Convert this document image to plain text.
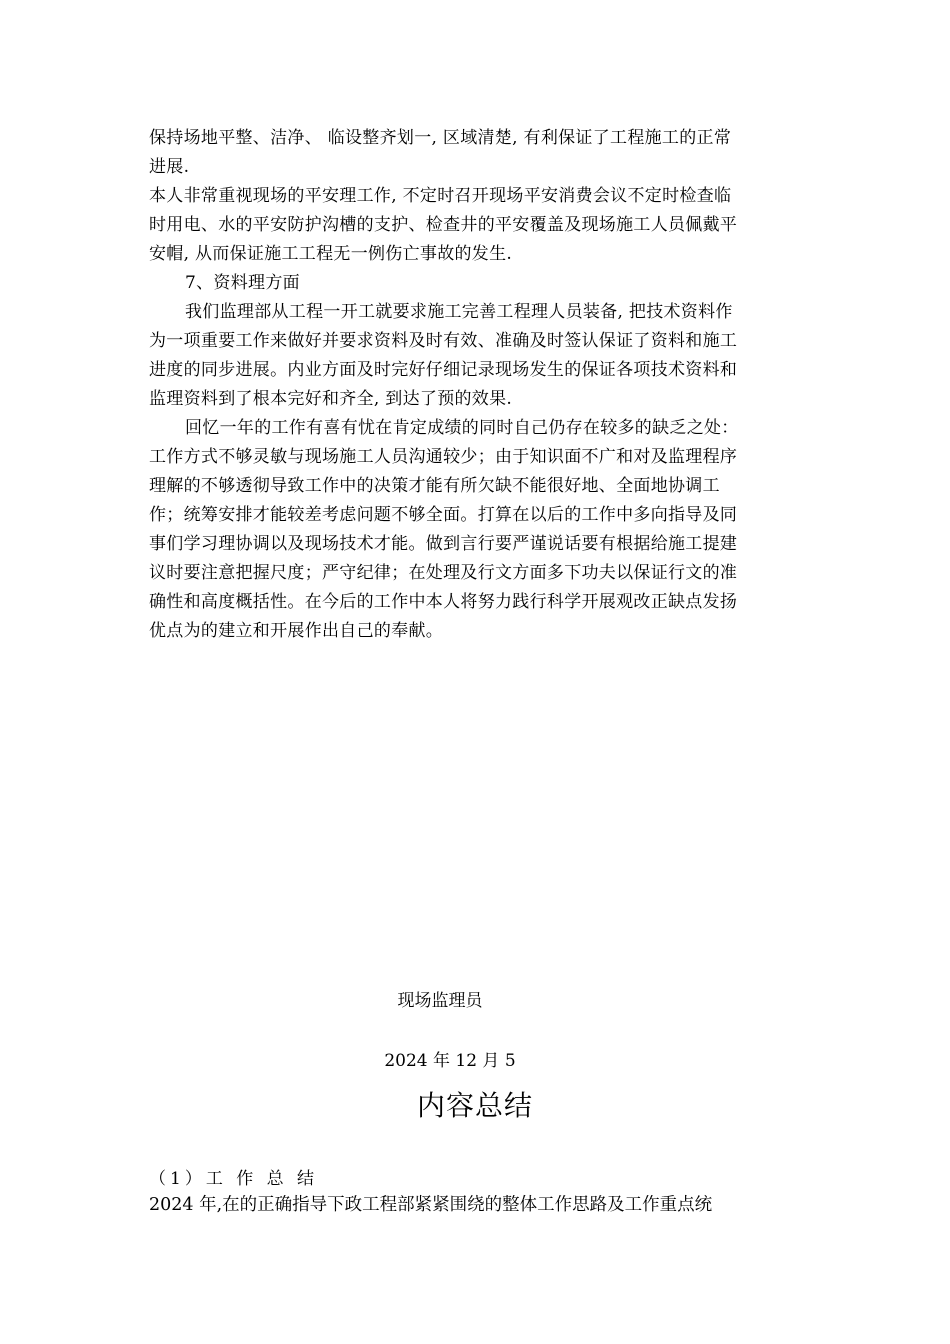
保持场地平整、洁净、 临设整齐划一, 区域清楚, 有利保证了工程施工的正常
进展.
本人非常重视现场的平安理工作, 不定时召开现场平安消费会议不定时检查临
时用电、水的平安防护沟槽的支护、检查井的平安覆盖及现场施工人员佩戴平
安帽, 从而保证施工工程无一例伤亡事故的发生.
7、资料理方面
我们监理部从工程一开工就要求施工完善工程理人员装备, 把技术资料作
为一项重要工作来做好并要求资料及时有效、准确及时签认保证了资料和施工
进度的同步进展。内业方面及时完好仔细记录现场发生的保证各项技术资料和
监理资料到了根本完好和齐全, 到达了预的效果.
回忆一年的工作有喜有忧在肯定成绩的同时自己仍存在较多的缺乏之处：
工作方式不够灵敏与现场施工人员沟通较少；由于知识面不广和对及监理程序
理解的不够透彻导致工作中的决策才能有所欠缺不能很好地、全面地协调工
作；统筹安排才能较差考虑问题不够全面。打算在以后的工作中多向指导及同
事们学习理协调以及现场技术才能。做到言行要严谨说话要有根据给施工提建
议时要注意把握尺度；严守纪律；在处理及行文方面多下功夫以保证行文的准
确性和高度概括性。在今后的工作中本人将努力践行科学开展观改正缺点发扬
优点为的建立和开展作出自己的奉献。
现场监理员
2024 年 12 月 5
内容总结
（1）工 作 总 结
2024 年,在的正确指导下政工程部紧紧围绕的整体工作思路及工作重点统
